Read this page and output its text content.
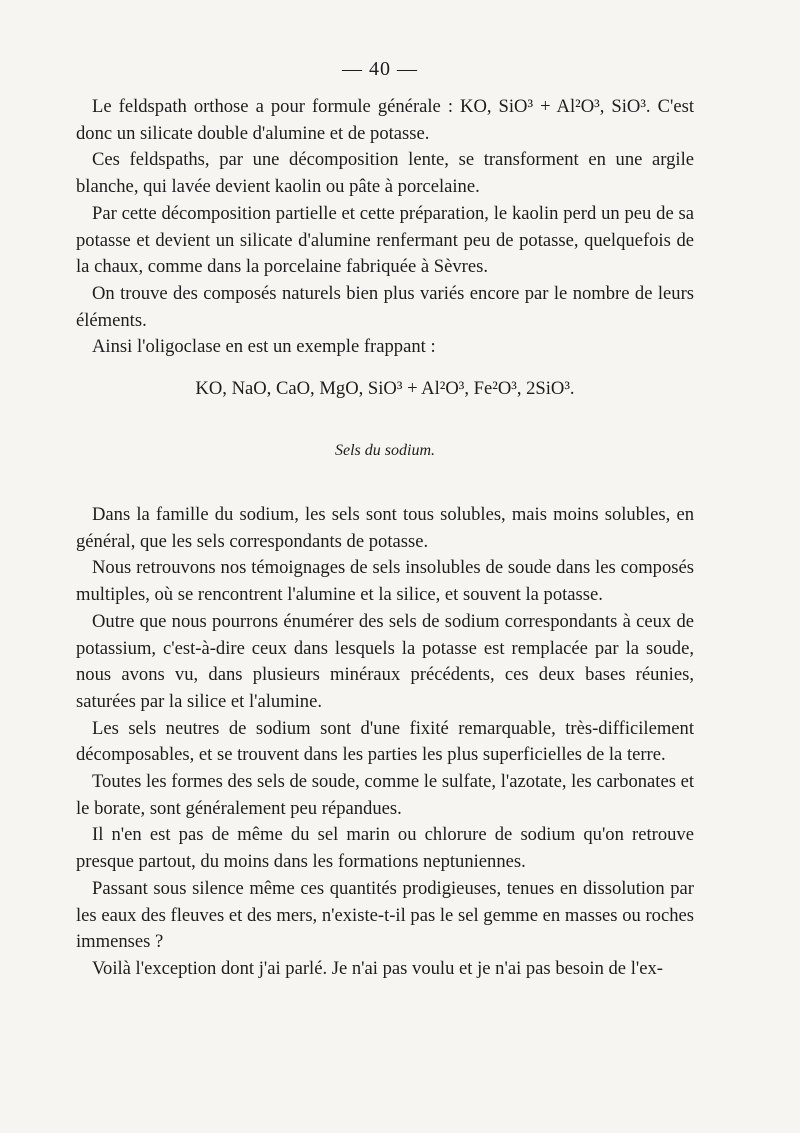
— 40 —

Le feldspath orthose a pour formule générale : KO, SiO³ + Al²O³, SiO³. C'est donc un silicate double d'alumine et de potasse.

Ces feldspaths, par une décomposition lente, se transforment en une argile blanche, qui lavée devient kaolin ou pâte à porcelaine.

Par cette décomposition partielle et cette préparation, le kaolin perd un peu de sa potasse et devient un silicate d'alumine renfermant peu de potasse, quelquefois de la chaux, comme dans la porcelaine fabriquée à Sèvres.

On trouve des composés naturels bien plus variés encore par le nombre de leurs éléments.

Ainsi l'oligoclase en est un exemple frappant :

KO, NaO, CaO, MgO, SiO³ + Al²O³, Fe²O³, 2SiO³.
Sels du sodium.

Dans la famille du sodium, les sels sont tous solubles, mais moins solubles, en général, que les sels correspondants de potasse.

Nous retrouvons nos témoignages de sels insolubles de soude dans les composés multiples, où se rencontrent l'alumine et la silice, et souvent la potasse.

Outre que nous pourrons énumérer des sels de sodium correspondants à ceux de potassium, c'est-à-dire ceux dans lesquels la potasse est remplacée par la soude, nous avons vu, dans plusieurs minéraux précédents, ces deux bases réunies, saturées par la silice et l'alumine.

Les sels neutres de sodium sont d'une fixité remarquable, très-difficilement décomposables, et se trouvent dans les parties les plus superficielles de la terre.

Toutes les formes des sels de soude, comme le sulfate, l'azotate, les carbonates et le borate, sont généralement peu répandues.

Il n'en est pas de même du sel marin ou chlorure de sodium qu'on retrouve presque partout, du moins dans les formations neptuniennes.

Passant sous silence même ces quantités prodigieuses, tenues en dissolution par les eaux des fleuves et des mers, n'existe-t-il pas le sel gemme en masses ou roches immenses ?

Voilà l'exception dont j'ai parlé. Je n'ai pas voulu et je n'ai pas besoin de l'ex-
